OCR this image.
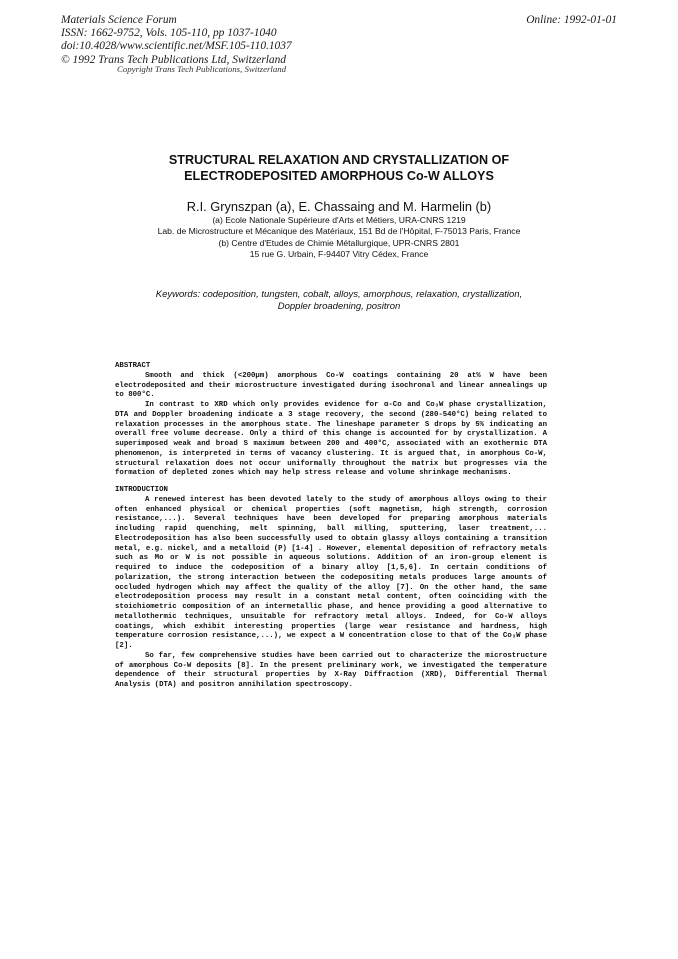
Materials Science Forum
ISSN: 1662-9752, Vols. 105-110, pp 1037-1040
doi:10.4028/www.scientific.net/MSF.105-110.1037
© 1992 Trans Tech Publications Ltd, Switzerland
Online: 1992-01-01
Copyright Trans Tech Publications, Switzerland
STRUCTURAL RELAXATION AND CRYSTALLIZATION OF
ELECTRODEPOSITED AMORPHOUS Co-W ALLOYS
R.I. Grynszpan (a), E. Chassaing and M. Harmelin (b)
(a) Ecole Nationale Supérieure d'Arts et Métiers, URA-CNRS 1219
Lab. de Microstructure et Mécanique des Matériaux, 151 Bd de l'Hôpital, F-75013 Paris, France
(b) Centre d'Etudes de Chimie Métallurgique, UPR-CNRS 2801
15 rue G. Urbain, F-94407 Vitry Cédex, France
Keywords: codeposition, tungsten, cobalt, alloys, amorphous, relaxation, crystallization,
Doppler broadening, positron
ABSTRACT

Smooth and thick (<200µm) amorphous Co-W coatings containing 20 at% W have been electrodeposited and their microstructure investigated during isochronal and linear annealings up to 800°C.

In contrast to XRD which only provides evidence for α-Co and Co₃W phase crystallization, DTA and Doppler broadening indicate a 3 stage recovery, the second (280-540°C) being related to relaxation processes in the amorphous state. The lineshape parameter S drops by 5% indicating an overall free volume decrease. Only a third of this change is accounted for by crystallization. A superimposed weak and broad S maximum between 200 and 400°C, associated with an exothermic DTA phenomenon, is interpreted in terms of vacancy clustering. It is argued that, in amorphous Co-W, structural relaxation does not occur uniformally throughout the matrix but progresses via the formation of depleted zones which may help stress release and volume shrinkage mechanisms.

INTRODUCTION

A renewed interest has been devoted lately to the study of amorphous alloys owing to their often enhanced physical or chemical properties (soft magnetism, high strength, corrosion resistance,...). Several techniques have been developed for preparing amorphous materials including rapid quenching, melt spinning, ball milling, sputtering, laser treatment,... Electrodeposition has also been successfully used to obtain glassy alloys containing a transition metal, e.g. nickel, and a metalloid (P) [1-4] . However, elemental deposition of refractory metals such as Mo or W is not possible in aqueous solutions. Addition of an iron-group element is required to induce the codeposition of a binary alloy [1,5,6]. In certain conditions of polarization, the strong interaction between the codepositing metals produces large amounts of occluded hydrogen which may affect the quality of the alloy [7]. On the other hand, the same electrodeposition process may result in a constant metal content, often coinciding with the stoichiometric composition of an intermetallic phase, and hence providing a good alternative to metallothermic techniques, unsuitable for refractory metal alloys. Indeed, for Co-W alloys coatings, which exhibit interesting properties (large wear resistance and hardness, high temperature corrosion resistance,...), we expect a W concentration close to that of the Co₃W phase [2].

So far, few comprehensive studies have been carried out to characterize the microstructure of amorphous Co-W deposits [8]. In the present preliminary work, we investigated the temperature dependence of their structural properties by X-Ray Diffraction (XRD), Differential Thermal Analysis (DTA) and positron annihilation spectroscopy.
